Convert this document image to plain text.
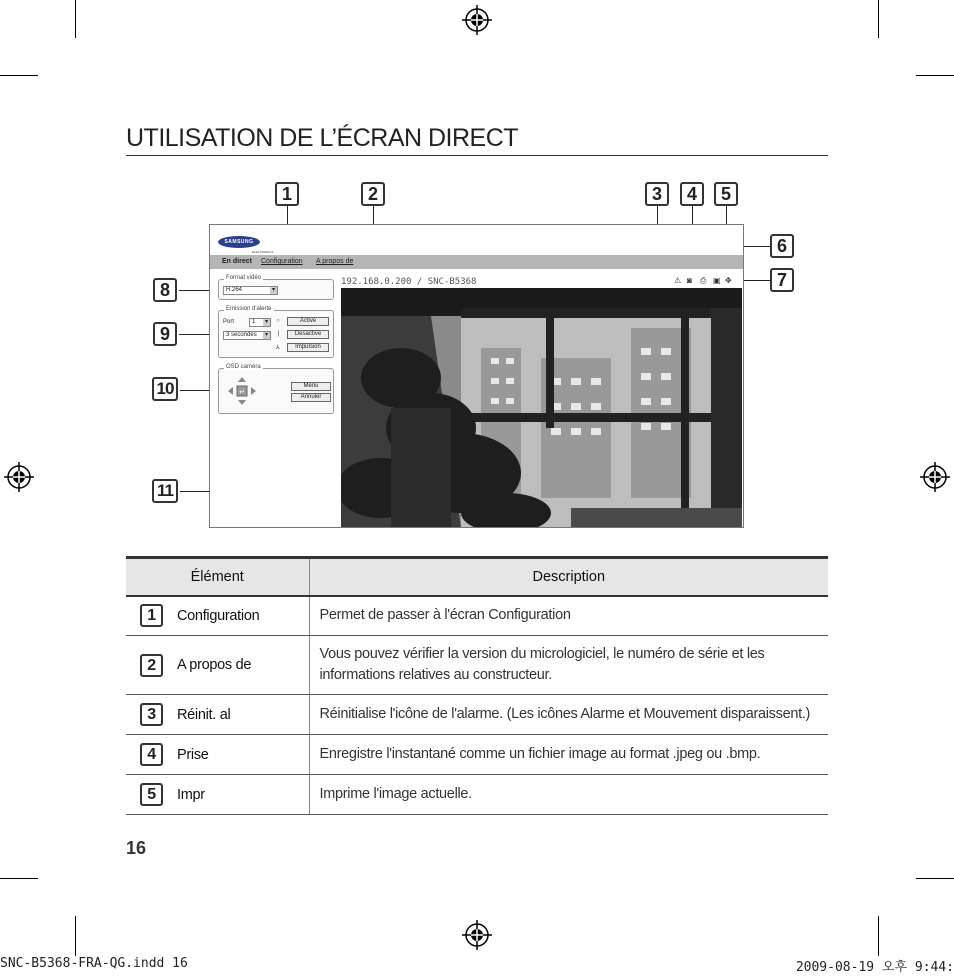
UTILISATION DE L’ÉCRAN DIRECT
1	2	3	4	5
6
7
8
9
10
11
SAMSUNG
ELECTRONICS
En direct Configuration A propos de
192.168.0.200 / SNC-B5368	⚠ ◙ ⎙ ▣ ✥
Format vidéo
H.264 ▾
Emission d'alerte
Port	1 ▾
3 secondes ▾
○
|
⅄
Active
Desactive
Impulsion
OSD caméra
↵
Menu
Annuler
Élément	Description
1 Configuration	Permet de passer à l'écran Configuration
2 A propos de	Vous pouvez vérifier la version du micrologiciel, le numéro de série et les informations relatives au constructeur.
3 Réinit. al	Réinitialise l'icône de l'alarme. (Les icônes Alarme et Mouvement disparaissent.)
4 Prise	Enregistre l'instantané comme un fichier image au format .jpeg ou .bmp.
5 Impr	Imprime l'image actuelle.
16
SNC-B5368-FRA-QG.indd 16	2009-08-19 오후 9:44:
